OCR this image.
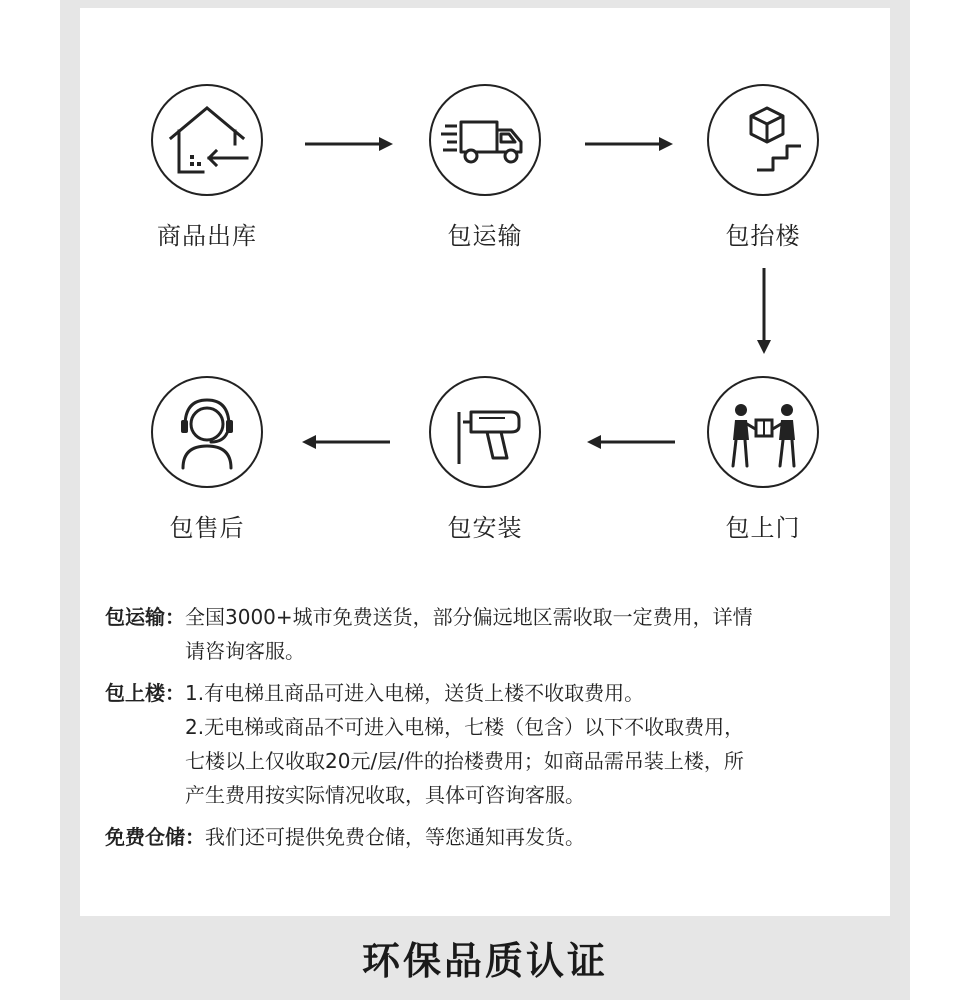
商品出库	包运输	包抬楼
包上门
包安装
包售后
包运输： 全国3000+城市免费送货，部分偏远地区需收取一定费用，详情

请咨询客服。

包上楼： 1.有电梯且商品可进入电梯，送货上楼不收取费用。

2.无电梯或商品不可进入电梯，七楼（包含）以下不收取费用，

七楼以上仅收取20元/层/件的抬楼费用；如商品需吊装上楼，所

产生费用按实际情况收取，具体可咨询客服。

免费仓储： 我们还可提供免费仓储，等您通知再发货。

环保品质认证
